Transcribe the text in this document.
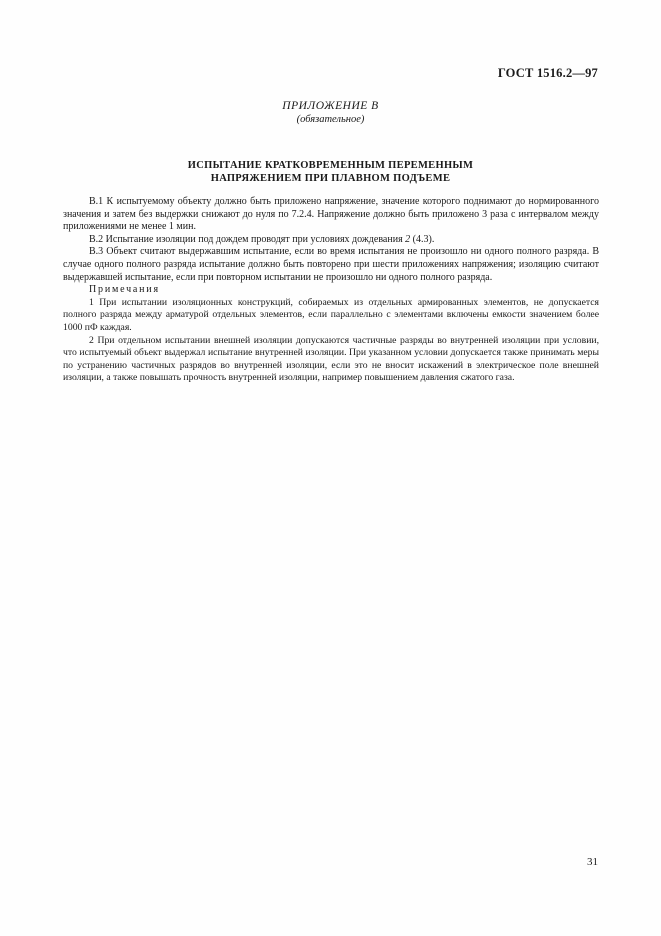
ГОСТ 1516.2—97
ПРИЛОЖЕНИЕ В
(обязательное)
ИСПЫТАНИЕ КРАТКОВРЕМЕННЫМ ПЕРЕМЕННЫМ
НАПРЯЖЕНИЕМ ПРИ ПЛАВНОМ ПОДЪЕМЕ

В.1 К испытуемому объекту должно быть приложено напряжение, значение которого поднимают до нормированного значения и затем без выдержки снижают до нуля по 7.2.4. Напряжение должно быть приложено 3 раза с интервалом между приложениями не менее 1 мин.

В.2 Испытание изоляции под дождем проводят при условиях дождевания 2 (4.3).

В.3 Объект считают выдержавшим испытание, если во время испытания не произошло ни одного полного разряда. В случае одного полного разряда испытание должно быть повторено при шести приложениях напряжения; изоляцию считают выдержавшей испытание, если при повторном испытании не произошло ни одного полного разряда.

Примечания

1 При испытании изоляционных конструкций, собираемых из отдельных армированных элементов, не допускается полного разряда между арматурой отдельных элементов, если параллельно с элементами включены емкости значением более 1000 пФ каждая.

2 При отдельном испытании внешней изоляции допускаются частичные разряды во внутренней изоляции при условии, что испытуемый объект выдержал испытание внутренней изоляции. При указанном условии допускается также принимать меры по устранению частичных разрядов во внутренней изоляции, если это не вносит искажений в электрическое поле внешней изоляции, а также повышать прочность внутренней изоляции, например повышением давления сжатого газа.

31
